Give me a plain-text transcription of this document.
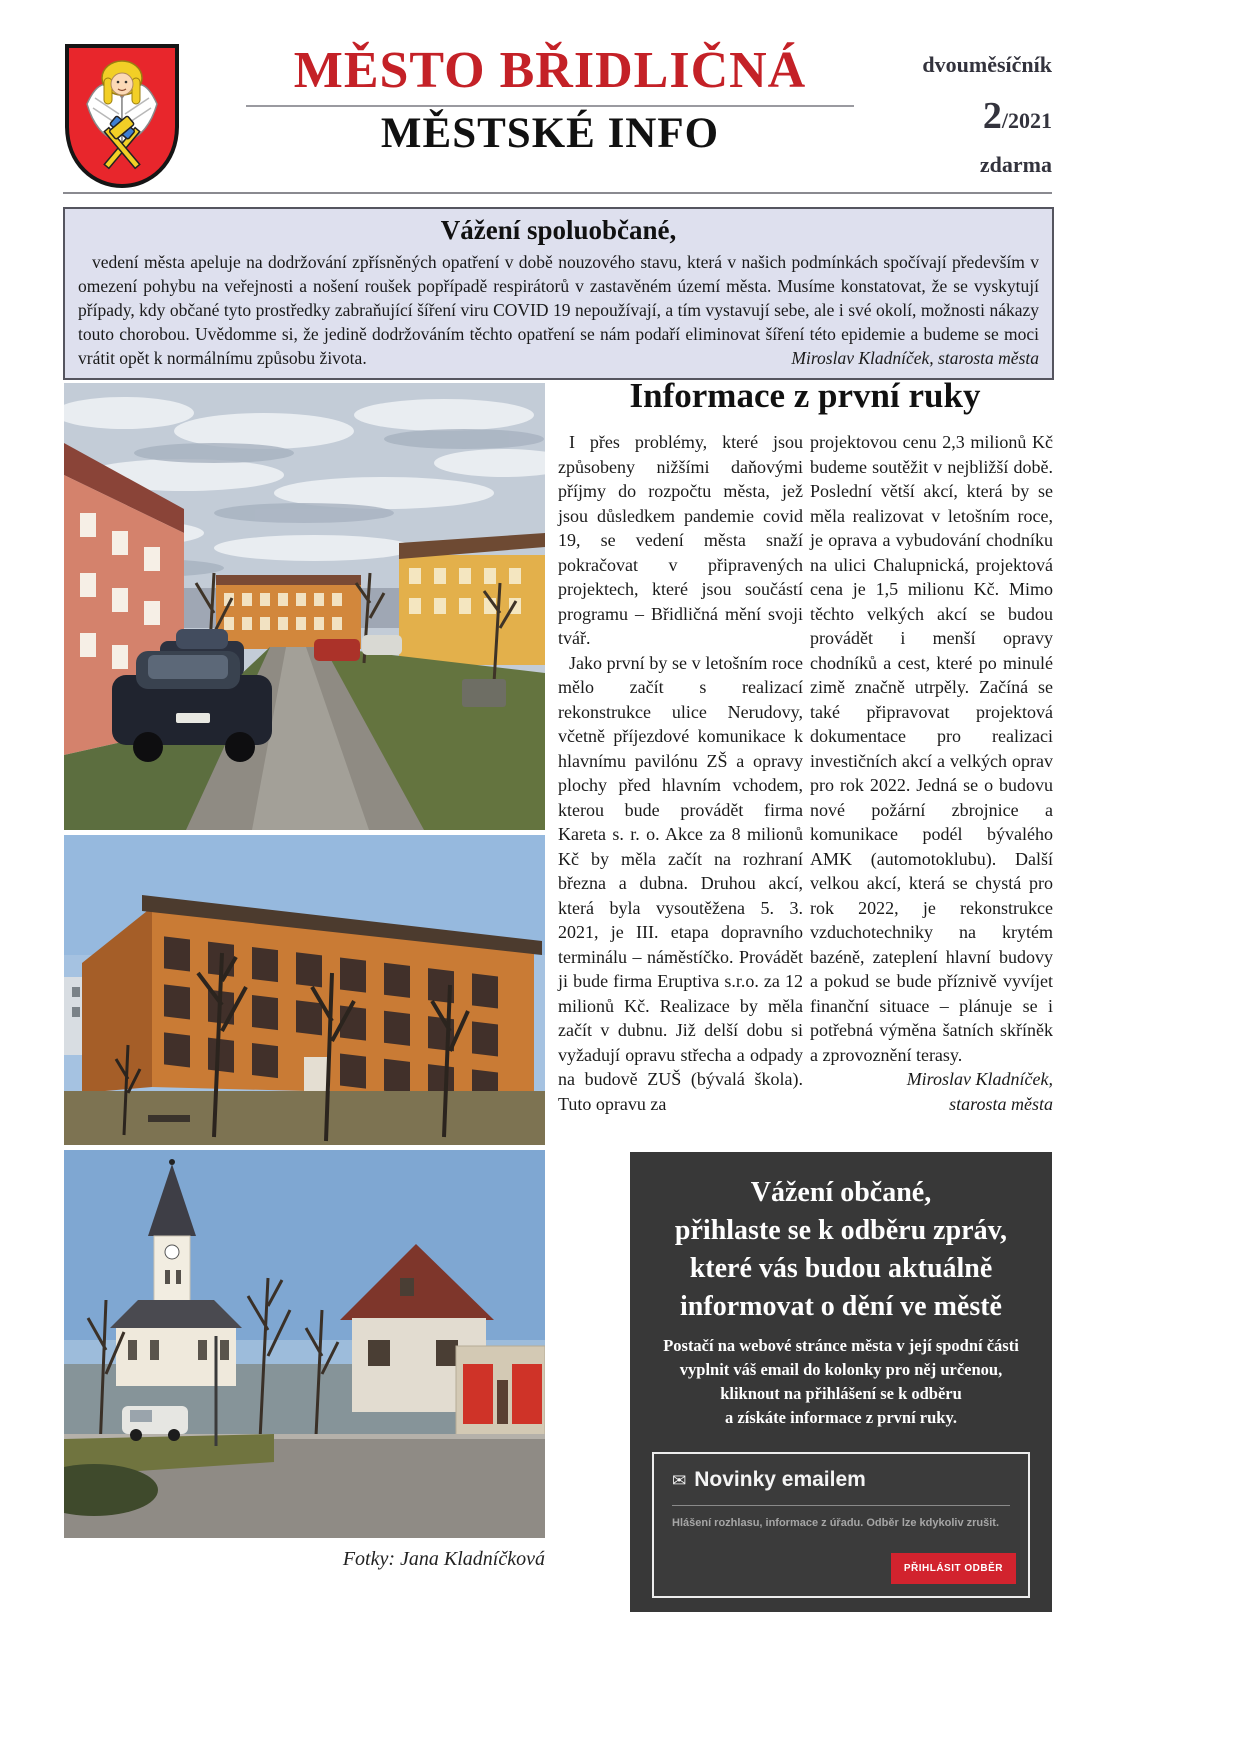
MĚSTO BŘIDLIČNÁ
MĚSTSKÉ INFO
dvouměsíčník
2/2021
zdarma
Vážení spoluobčané,

vedení města apeluje na dodržování zpřísněných opatření v době nouzového stavu, která v našich podmínkách spočívají především v omezení pohybu na veřejnosti a nošení roušek popřípadě respirátorů v zastavěném území města. Musíme konstatovat, že se vyskytují případy, kdy občané tyto prostředky zabraňující šíření viru COVID 19 nepoužívají, a tím vystavují sebe, ale i své okolí, možnosti nákazy touto chorobou. Uvědomme si, že jedině dodržováním těchto opatření se nám podaří eliminovat šíření této epidemie a budeme se moci vrátit opět k normálnímu způsobu života.	Miroslav Kladníček, starosta města

Informace z první ruky

I přes problémy, které jsou způsobeny nižšími daňovými příjmy do rozpočtu města, jež jsou důsledkem pandemie covid 19, se vedení města snaží pokračovat v připravených projektech, které jsou součástí programu – Břidličná mění svoji tvář.

Jako první by se v letošním roce mělo začít s realizací rekonstrukce ulice Nerudovy, včetně příjezdové komunikace k hlavnímu pavilónu ZŠ a opravy plochy před hlavním vchodem, kterou bude provádět firma Kareta s. r. o. Akce za 8 milionů Kč by měla začít na rozhraní března a dubna. Druhou akcí, která byla vysoutěžena 5. 3. 2021, je III. etapa dopravního terminálu – náměstíčko. Provádět ji bude firma Eruptiva s.r.o. za 12 milionů Kč. Realizace by měla začít v dubnu. Již delší dobu si vyžadují opravu střecha a odpady na budově ZUŠ (bývalá škola). Tuto opravu za

projektovou cenu 2,3 milionů Kč budeme soutěžit v nejbližší době. Poslední větší akcí, která by se měla realizovat v letošním roce, je oprava a vybudování chodníku na ulici Chalupnická, projektová cena je 1,5 milionu Kč. Mimo těchto velkých akcí se budou provádět i menší opravy chodníků a cest, které po minulé zimě značně utrpěly. Začíná se také připravovat projektová dokumentace pro realizaci investičních akcí a velkých oprav pro rok 2022. Jedná se o budovu nové požární zbrojnice a komunikace podél bývalého AMK (automotoklubu). Další velkou akcí, která se chystá pro rok 2022, je rekonstrukce vzduchotechniky na krytém bazéně, zateplení hlavní budovy a pokud se bude příznivě vyvíjet finanční situace – plánuje se i potřebná výměna šatních skříněk a zprovoznění terasy.

Miroslav Kladníček,

starosta města

Fotky: Jana Kladníčková
Vážení občané,
přihlaste se k odběru zpráv,
které vás budou aktuálně
informovat o dění ve městě
Postačí na webové stránce města v její spodní části
vyplnit váš email do kolonky pro něj určenou,
kliknout na přihlášení se k odběru
a získáte informace z první ruky.
✉ Novinky emailem
Hlášení rozhlasu, informace z úřadu. Odběr lze kdykoliv zrušit.
PŘIHLÁSIT ODBĚR
